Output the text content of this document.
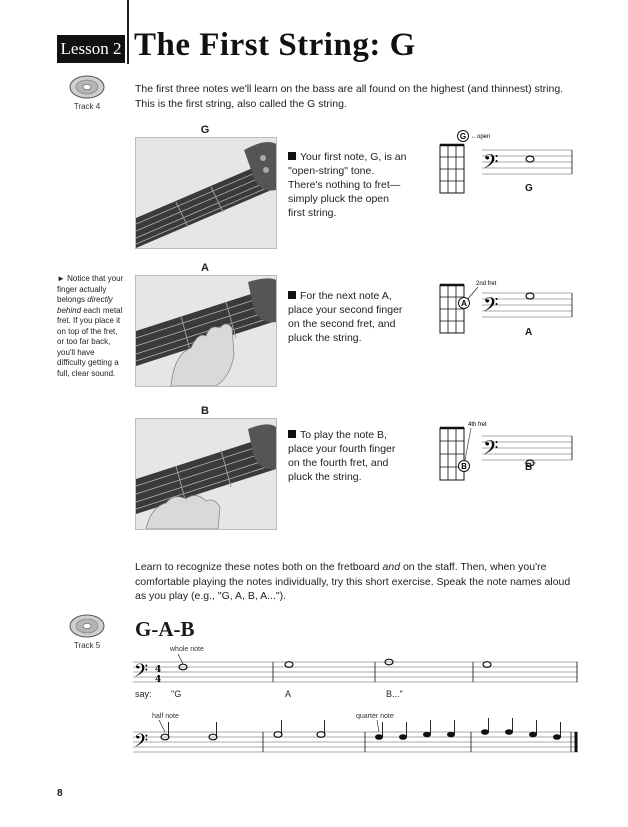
Lesson 2 The First String: G
Track 4
The first three notes we'll learn on the bass are all found on the highest (and thinnest) string. This is the first string, also called the G string.
G
Your first note, G, is an "open-string" tone. There's nothing to fret—simply pluck the open first string.
G ←open
𝄢
G
A
For the next note A, place your second finger on the second fret, and pluck the string.
► Notice that your finger actually belongs directly behind each metal fret. If you place it on top of the fret, or too far back, you'll have difficulty getting a full, clear sound.
2nd fret
A 𝄢
A
B
To play the note B, place your fourth finger on the fourth fret, and pluck the string.
4th fret
B
𝄢
B
Learn to recognize these notes both on the fretboard and on the staff. Then, when you're comfortable playing the notes individually, try this short exercise. Speak the note names aloud as you play (e.g., "G, A, B, A...").
Track 5
G-A-B
whole note
𝄢 4
4
say: "G	A	B..."
half note	quarter note
𝄢
8
